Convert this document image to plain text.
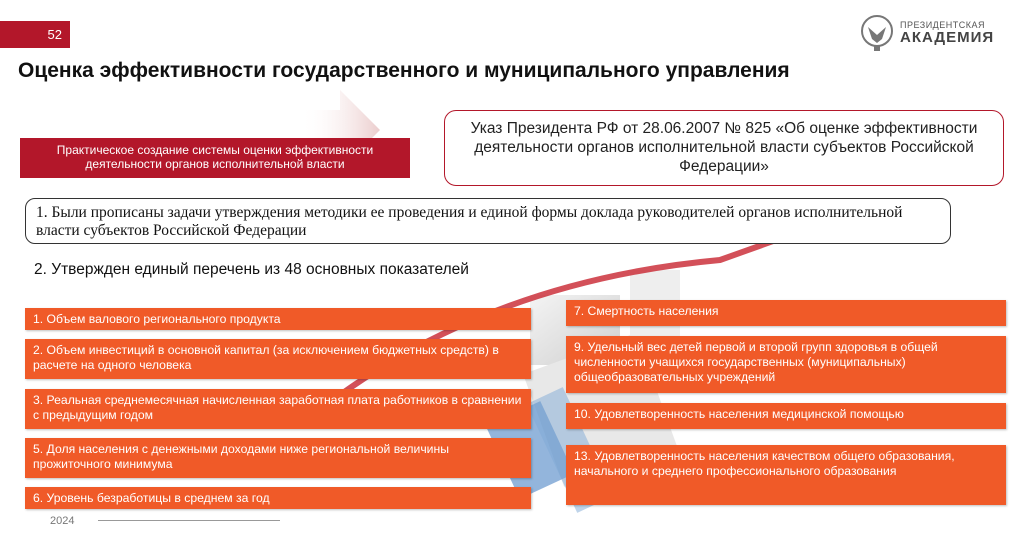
52
ПРЕЗИДЕНТСКАЯ
АКАДЕМИЯ
Оценка эффективности государственного и муниципального управления
Практическое создание системы оценки эффективности деятельности органов исполнительной власти
Указ Президента РФ от 28.06.2007 № 825 «Об оценке эффективности деятельности органов исполнительной власти субъектов Российской Федерации»
1. Были прописаны задачи утверждения методики ее проведения и единой формы доклада руководителей органов исполнительной власти субъектов Российской Федерации
2. Утвержден единый перечень из 48 основных показателей
1. Объем валового регионального продукта
2. Объем инвестиций в основной капитал (за исключением бюджетных средств) в расчете на одного человека
3. Реальная среднемесячная начисленная заработная плата работников в сравнении с предыдущим годом
5. Доля населения с денежными доходами ниже региональной величины прожиточного минимума
6. Уровень безработицы в среднем за год
7. Смертность населения
9. Удельный вес детей первой и второй групп здоровья в общей численности учащихся государственных (муниципальных) общеобразовательных учреждений
10. Удовлетворенность населения медицинской помощью
13. Удовлетворенность населения качеством общего образования, начального и среднего профессионального образования
2024
